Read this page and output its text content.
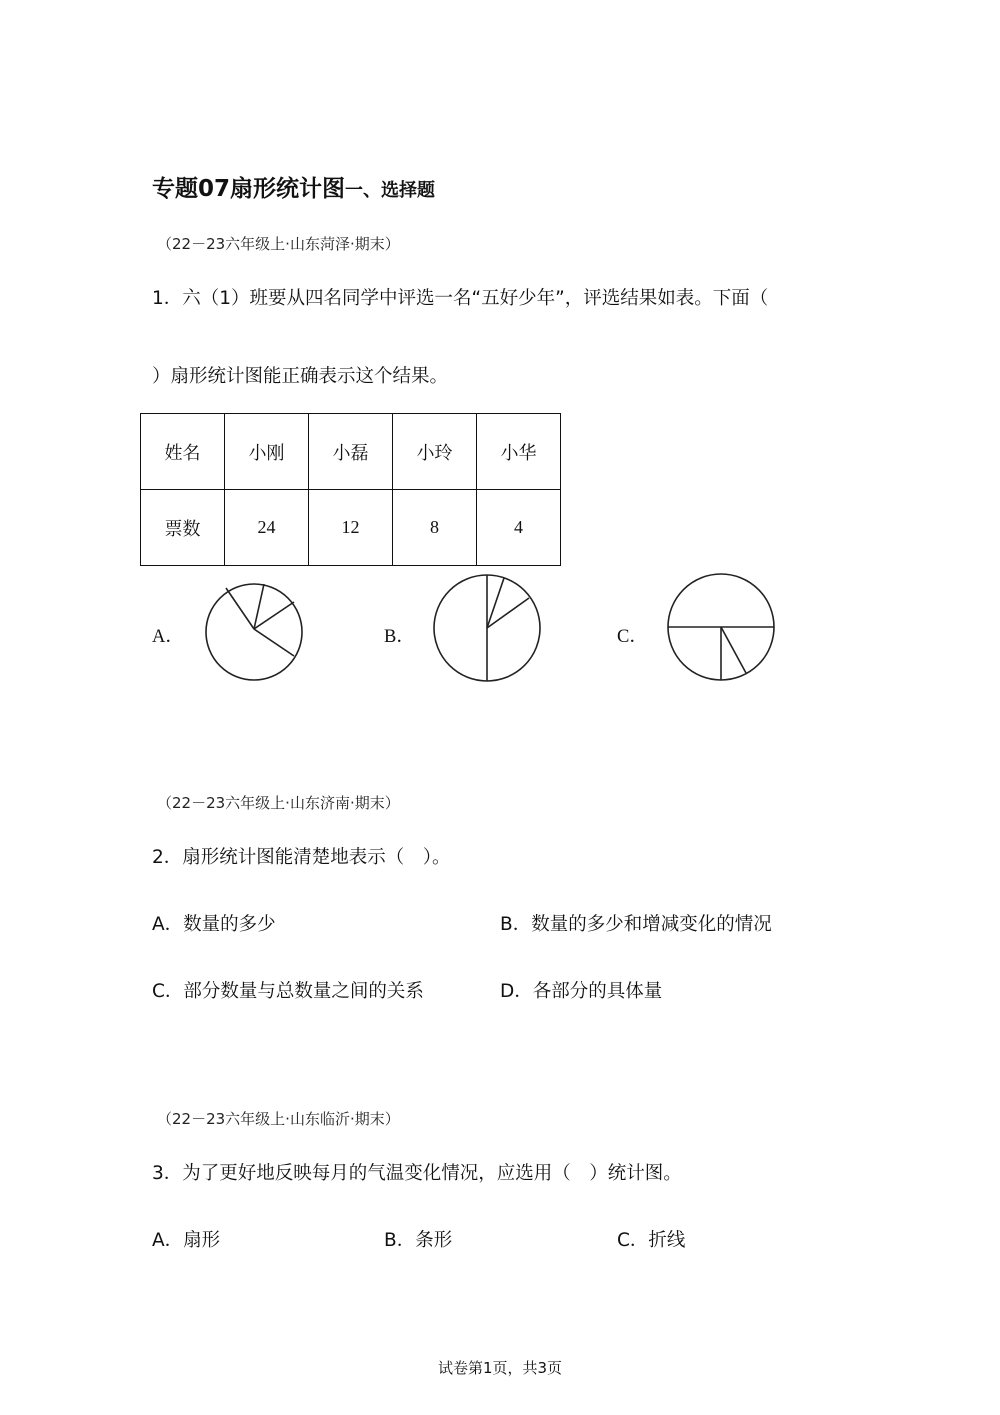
专题07扇形统计图一、选择题
（22－23六年级上·山东菏泽·期末）
1．六（1）班要从四名同学中评选一名“五好少年”，评选结果如表。下面（
）扇形统计图能正确表示这个结果。
姓名	小刚	小磊	小玲	小华
票数	24	12	8	4
A．	B．	C．
（22－23六年级上·山东济南·期末）
2．扇形统计图能清楚地表示（　）。
A．数量的多少	B．数量的多少和增减变化的情况
C．部分数量与总数量之间的关系	D．各部分的具体量
（22－23六年级上·山东临沂·期末）
3．为了更好地反映每月的气温变化情况，应选用（　）统计图。
A．扇形	B．条形	C．折线
试卷第1页，共3页
